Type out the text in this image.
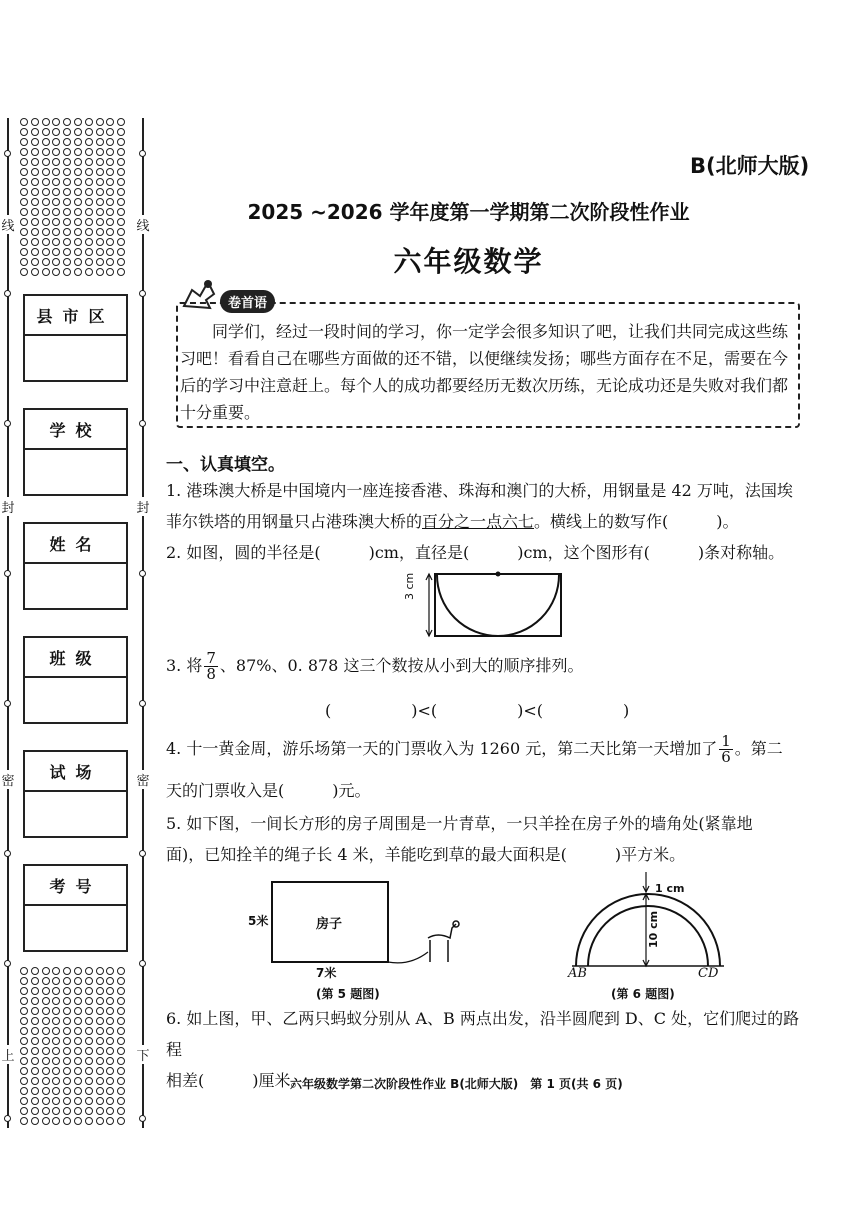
线	线
封	封
密	密
上	下
县市区
学校
姓名
班级
试场
考号
B(北师大版)
2025 ~2026 学年度第一学期第二次阶段性作业
六年级数学
卷首语
同学们，经过一段时间的学习，你一定学会很多知识了吧，让我们共同完成这些练习吧！看看自己在哪些方面做的还不错，以便继续发扬；哪些方面存在不足，需要在今后的学习中注意赶上。每个人的成功都要经历无数次历练，无论成功还是失败对我们都十分重要。
一、认真填空。
1. 港珠澳大桥是中国境内一座连接香港、珠海和澳门的大桥，用钢量是 42 万吨，法国埃
菲尔铁塔的用钢量只占港珠澳大桥的百分之一点六七。横线上的数写作(　　　)。
2. 如图，圆的半径是(　　　)cm，直径是(　　　)cm，这个图形有(　　　)条对称轴。
3 cm
3. 将 $\frac{7}{8}$ 、87%、0. 878 这三个数按从小到大的顺序排列。
(　　　　　)<(　　　　　)<(　　　　　)
4. 十一黄金周，游乐场第一天的门票收入为 1260 元，第二天比第一天增加了 $\frac{1}{6}$ 。第二
天的门票收入是(　　　)元。
5. 如下图，一间长方形的房子周围是一片青草，一只羊拴在房子外的墙角处(紧靠地
面)，已知拴羊的绳子长 4 米，羊能吃到草的最大面积是(　　　)平方米。
房子
5米
7米
(第 5 题图)
1 cm
10 cm
AB	CD
(第 6 题图)
6. 如上图，甲、乙两只蚂蚁分别从 A、B 两点出发，沿半圆爬到 D、C 处，它们爬过的路程
相差(　　　)厘米。
六年级数学第二次阶段性作业 B(北师大版)　第 1 页(共 6 页)
